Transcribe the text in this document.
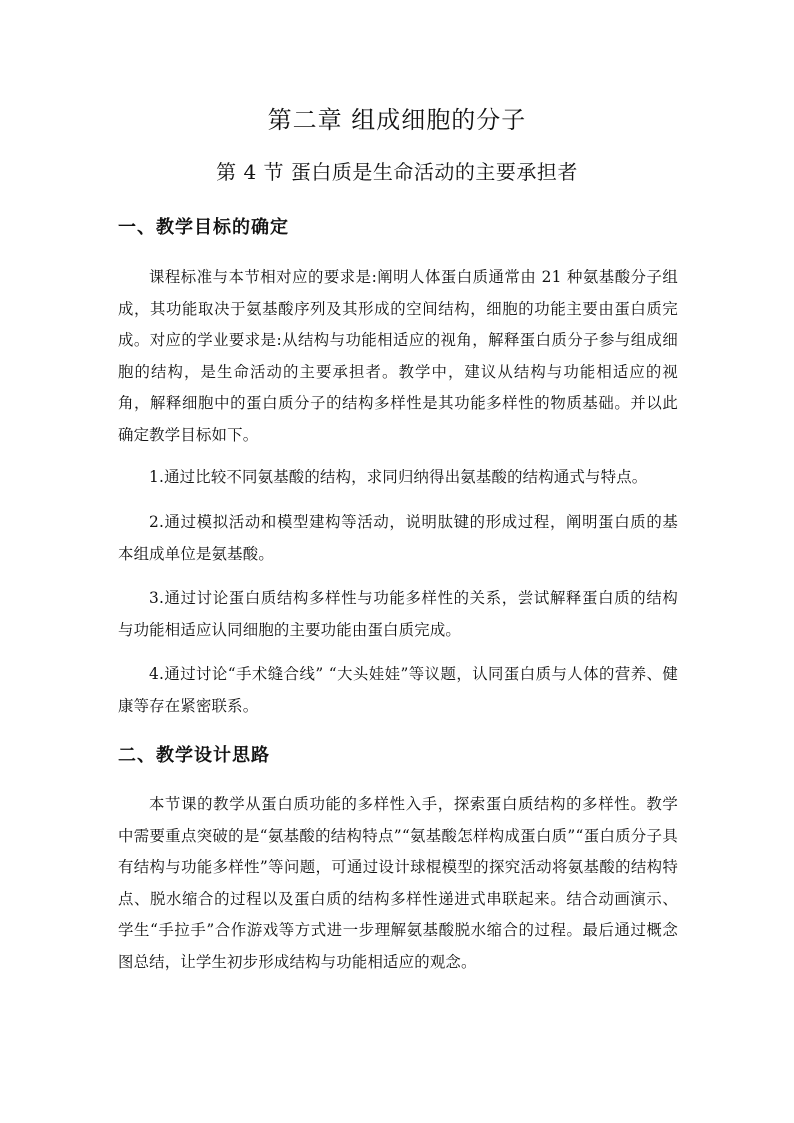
第二章 组成细胞的分子
第 4 节 蛋白质是生命活动的主要承担者
一、教学目标的确定
课程标准与本节相对应的要求是:阐明人体蛋白质通常由 21 种氨基酸分子组成，其功能取决于氨基酸序列及其形成的空间结构，细胞的功能主要由蛋白质完成。对应的学业要求是:从结构与功能相适应的视角，解释蛋白质分子参与组成细胞的结构，是生命活动的主要承担者。教学中，建议从结构与功能相适应的视角，解释细胞中的蛋白质分子的结构多样性是其功能多样性的物质基础。并以此确定教学目标如下。
1.通过比较不同氨基酸的结构，求同归纳得出氨基酸的结构通式与特点。
2.通过模拟活动和模型建构等活动，说明肽键的形成过程，阐明蛋白质的基本组成单位是氨基酸。
3.通过讨论蛋白质结构多样性与功能多样性的关系，尝试解释蛋白质的结构与功能相适应认同细胞的主要功能由蛋白质完成。
4.通过讨论“手术缝合线” “大头娃娃”等议题，认同蛋白质与人体的营养、健康等存在紧密联系。
二、教学设计思路
本节课的教学从蛋白质功能的多样性入手，探索蛋白质结构的多样性。教学中需要重点突破的是“氨基酸的结构特点”“氨基酸怎样构成蛋白质”“蛋白质分子具有结构与功能多样性”等问题，可通过设计球棍模型的探究活动将氨基酸的结构特点、脱水缩合的过程以及蛋白质的结构多样性递进式串联起来。结合动画演示、学生“手拉手”合作游戏等方式进一步理解氨基酸脱水缩合的过程。最后通过概念图总结，让学生初步形成结构与功能相适应的观念。
